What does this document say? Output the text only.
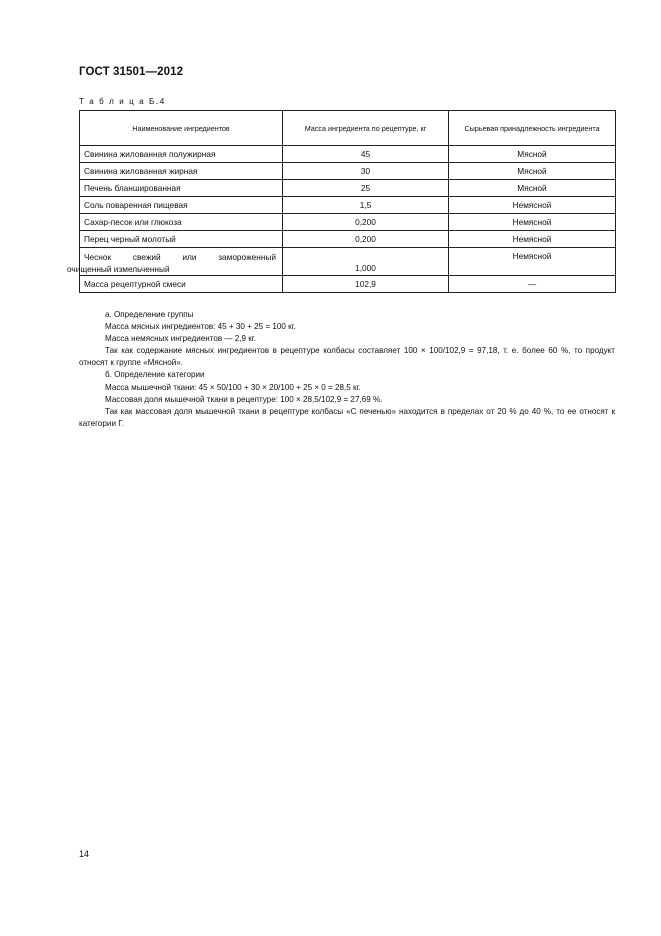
ГОСТ 31501—2012
Т а б л и ц а Б.4
Наименование ингредиентов	Масса ингредиента по рецептуре, кг	Сырьевая принадлежность ингредиента
Свинина жилованная полужирная	45	Мясной
Свинина жилованная жирная	30	Мясной
Печень бланшированная	25	Мясной
Соль поваренная пищевая	1,5	Немясной
Сахар-песок или глюкоза	0,200	Немясной
Перец черный молотый	0,200	Немясной
Чеснок свежий или замороженный
очищенный измельченный	1,000	Немясной
Масса рецептурной смеси	102,9	—

а. Определение группы

Масса мясных ингредиентов: 45 + 30 + 25 = 100 кг.

Масса немясных ингредиентов — 2,9 кг.

Так как содержание мясных ингредиентов в рецептуре колбасы составляет 100 × 100/102,9 = 97,18, т. е. более 60 %, то продукт относят к группе «Мясной».

б. Определение категории

Масса мышечной ткани: 45 × 50/100 + 30 × 20/100 + 25 × 0 = 28,5 кг.

Массовая доля мышечной ткани в рецептуре: 100 × 28,5/102,9 = 27,69 %.

Так как массовая доля мышечной ткани в рецептуре колбасы «С печенью» находится в пределах от 20 % до 40 %, то ее относят к категории Г.

14
